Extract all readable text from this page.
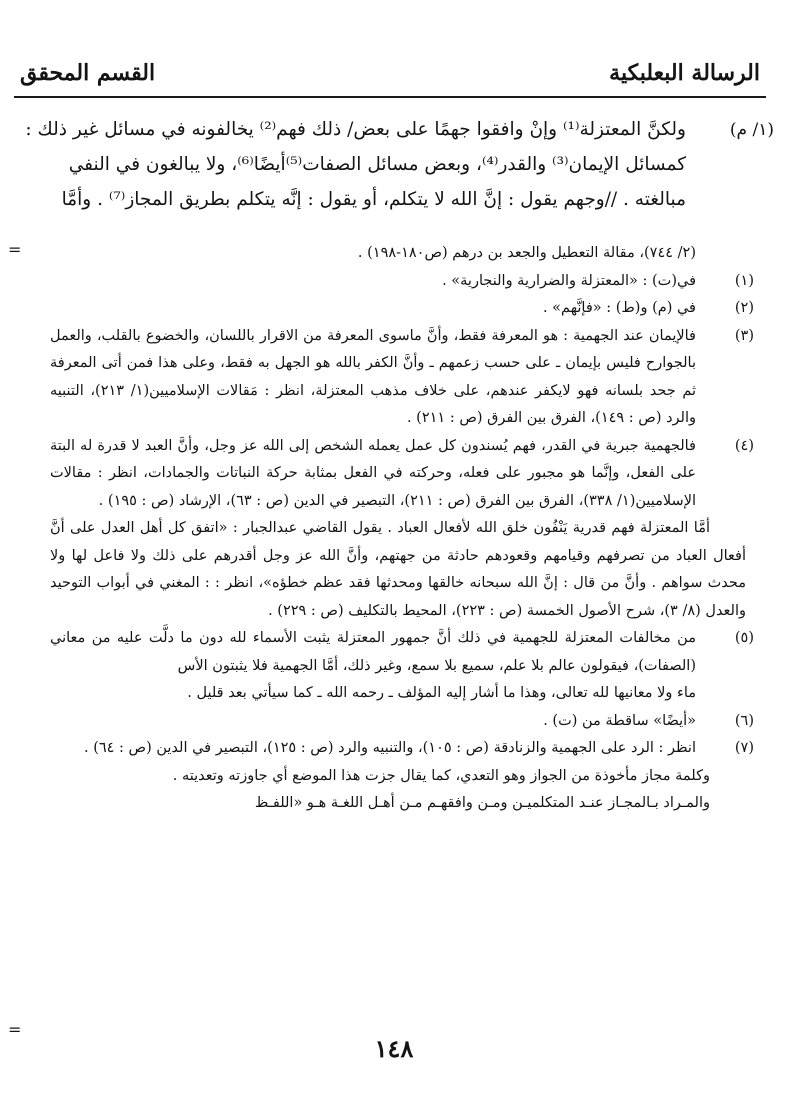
الرسالة البعلبكية
القسم المحقق
(١/ م)

ولكنَّ المعتزلة⁽¹⁾ وإنْ وافقوا جهمًا على بعض/ ذلك فهم⁽²⁾ يخالفونه في مسائل غير ذلك :

كمسائل الإيمان⁽³⁾ والقدر⁽⁴⁾، وبعض مسائل الصفات⁽⁵⁾أيضًا⁽⁶⁾، ولا يبالغون في النفي

مبالغته . //وجهم يقول : إنَّ الله لا يتكلم، أو يقول : إنَّه يتكلم بطريق المجاز⁽⁷⁾ . وأمَّا

=
=
(٢/ ٧٤٤)، مقالة التعطيل والجعد بن درهم (ص١٨٠-١٩٨) .
(١)
في(ت) : «المعتزلة والضرارية والنجارية» .
(٢)
في (م) و(ط) : «فإنَّهم» .
(٣)
فالإيمان عند الجهمية : هو المعرفة فقط، وأنَّ ماسوى المعرفة من الاقرار باللسان، والخضوع بالقلب، والعمل بالجوارح فليس بإيمان ـ على حسب زعمهم ـ وأنَّ الكفر بالله هو الجهل به فقط، وعلى هذا فمن أتى المعرفة ثم جحد بلسانه فهو لايكفر عندهم، على خلاف مذهب المعتزلة، انظر : مَقالات الإسلاميين(١/ ٢١٣)، التنبيه والرد (ص : ١٤٩)، الفرق بين الفرق (ص : ٢١١) .
(٤)
فالجهمية جبرية في القدر، فهم يُسندون كل عمل يعمله الشخص إلى الله عز وجل، وأنَّ العبد لا قدرة له البتة على الفعل، وإنَّما هو مجبور على فعله، وحركته في الفعل بمثابة حركة النباتات والجمادات، انظر : مقالات الإسلاميين(١/ ٣٣٨)، الفرق بين الفرق (ص : ٢١١)، التبصير في الدين (ص : ٦٣)، الإرشاد (ص : ١٩٥) .
أمَّا المعتزلة فهم قدرية يَنْفُون خلق الله لأفعال العباد . يقول القاضي عبدالجبار : «اتفق كل أهل العدل على أنَّ أفعال العباد من تصرفهم وقيامهم وقعودهم حادثة من جهتهم، وأنَّ الله عز وجل أقدرهم على ذلك ولا فاعل لها ولا محدث سواهم . وأنَّ من قال : إنَّ الله سبحانه خالقها ومحدثها فقد عظم خطؤه»، انظر : : المغني في أبواب التوحيد والعدل (٨/ ٣)، شرح الأصول الخمسة (ص : ٢٢٣)، المحيط بالتكليف (ص : ٢٢٩) .
(٥)
من مخالفات المعتزلة للجهمية في ذلك أنَّ جمهور المعتزلة يثبت الأسماء لله دون ما دلَّت عليه من معاني (الصفات)، فيقولون عالم بلا علم، سميع بلا سمع، وغير ذلك، أمَّا الجهمية فلا يثبتون الأس
ماء ولا معانيها لله تعالى، وهذا ما أشار إليه المؤلف ـ رحمه الله ـ كما سيأتي بعد قليل .
(٦)
«أيضًا» ساقطة من (ت) .
(٧)
انظر : الرد على الجهمية والزنادقة (ص : ١٠٥)، والتنبيه والرد (ص : ١٢٥)، التبصير في الدين (ص : ٦٤) .
وكلمة مجاز مأخوذة من الجواز وهو التعدي، كما يقال جزت هذا الموضع أي جاوزته وتعديته .
والمـراد بـالمجـاز عنـد المتكلميـن ومـن وافقهـم مـن أهـل اللغـة هـو «اللفـظ
١٤٨
